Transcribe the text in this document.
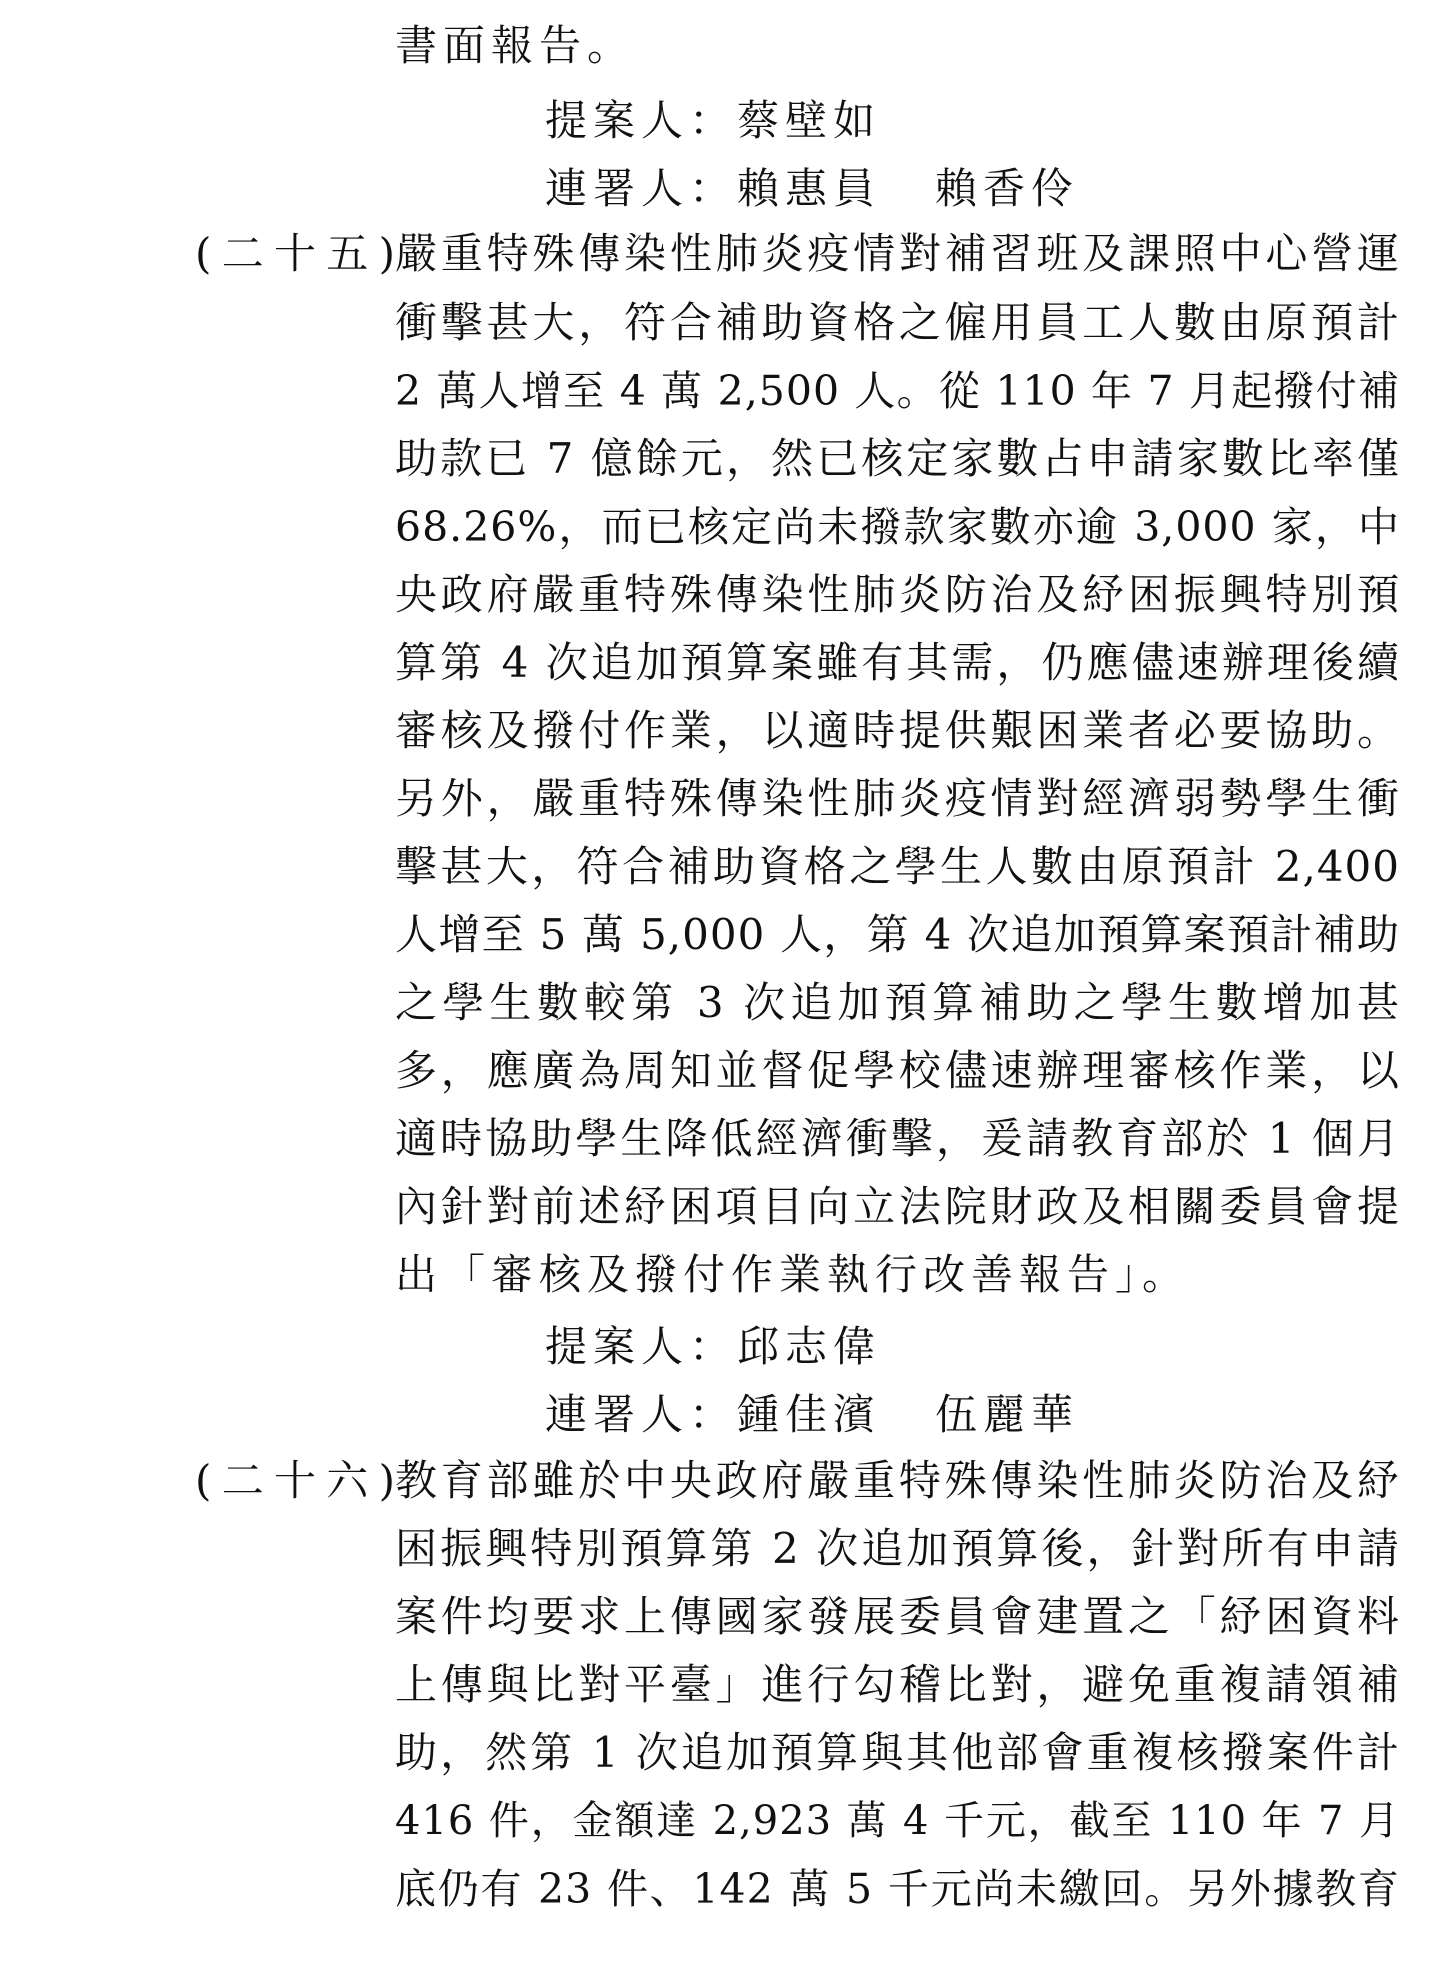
書面報告。
提案人：蔡壁如
連署人：賴惠員 賴香伶
(二十五) 嚴重特殊傳染性肺炎疫情對補習班及課照中心營運
衝擊甚大，符合補助資格之僱用員工人數由原預計
2 萬人增至 4 萬 2,500 人。從 110 年 7 月起撥付補
助款已 7 億餘元，然已核定家數占申請家數比率僅
68.26%，而已核定尚未撥款家數亦逾 3,000 家，中
央政府嚴重特殊傳染性肺炎防治及紓困振興特別預
算第 4 次追加預算案雖有其需，仍應儘速辦理後續
審核及撥付作業，以適時提供艱困業者必要協助。
另外，嚴重特殊傳染性肺炎疫情對經濟弱勢學生衝
擊甚大，符合補助資格之學生人數由原預計 2,400
人增至 5 萬 5,000 人，第 4 次追加預算案預計補助
之學生數較第 3 次追加預算補助之學生數增加甚
多，應廣為周知並督促學校儘速辦理審核作業，以
適時協助學生降低經濟衝擊，爰請教育部於 1 個月
內針對前述紓困項目向立法院財政及相關委員會提
出「審核及撥付作業執行改善報告」。
提案人：邱志偉
連署人：鍾佳濱 伍麗華
(二十六) 教育部雖於中央政府嚴重特殊傳染性肺炎防治及紓
困振興特別預算第 2 次追加預算後，針對所有申請
案件均要求上傳國家發展委員會建置之「紓困資料
上傳與比對平臺」進行勾稽比對，避免重複請領補
助，然第 1 次追加預算與其他部會重複核撥案件計
416 件，金額達 2,923 萬 4 千元，截至 110 年 7 月
底仍有 23 件、142 萬 5 千元尚未繳回。另外據教育
